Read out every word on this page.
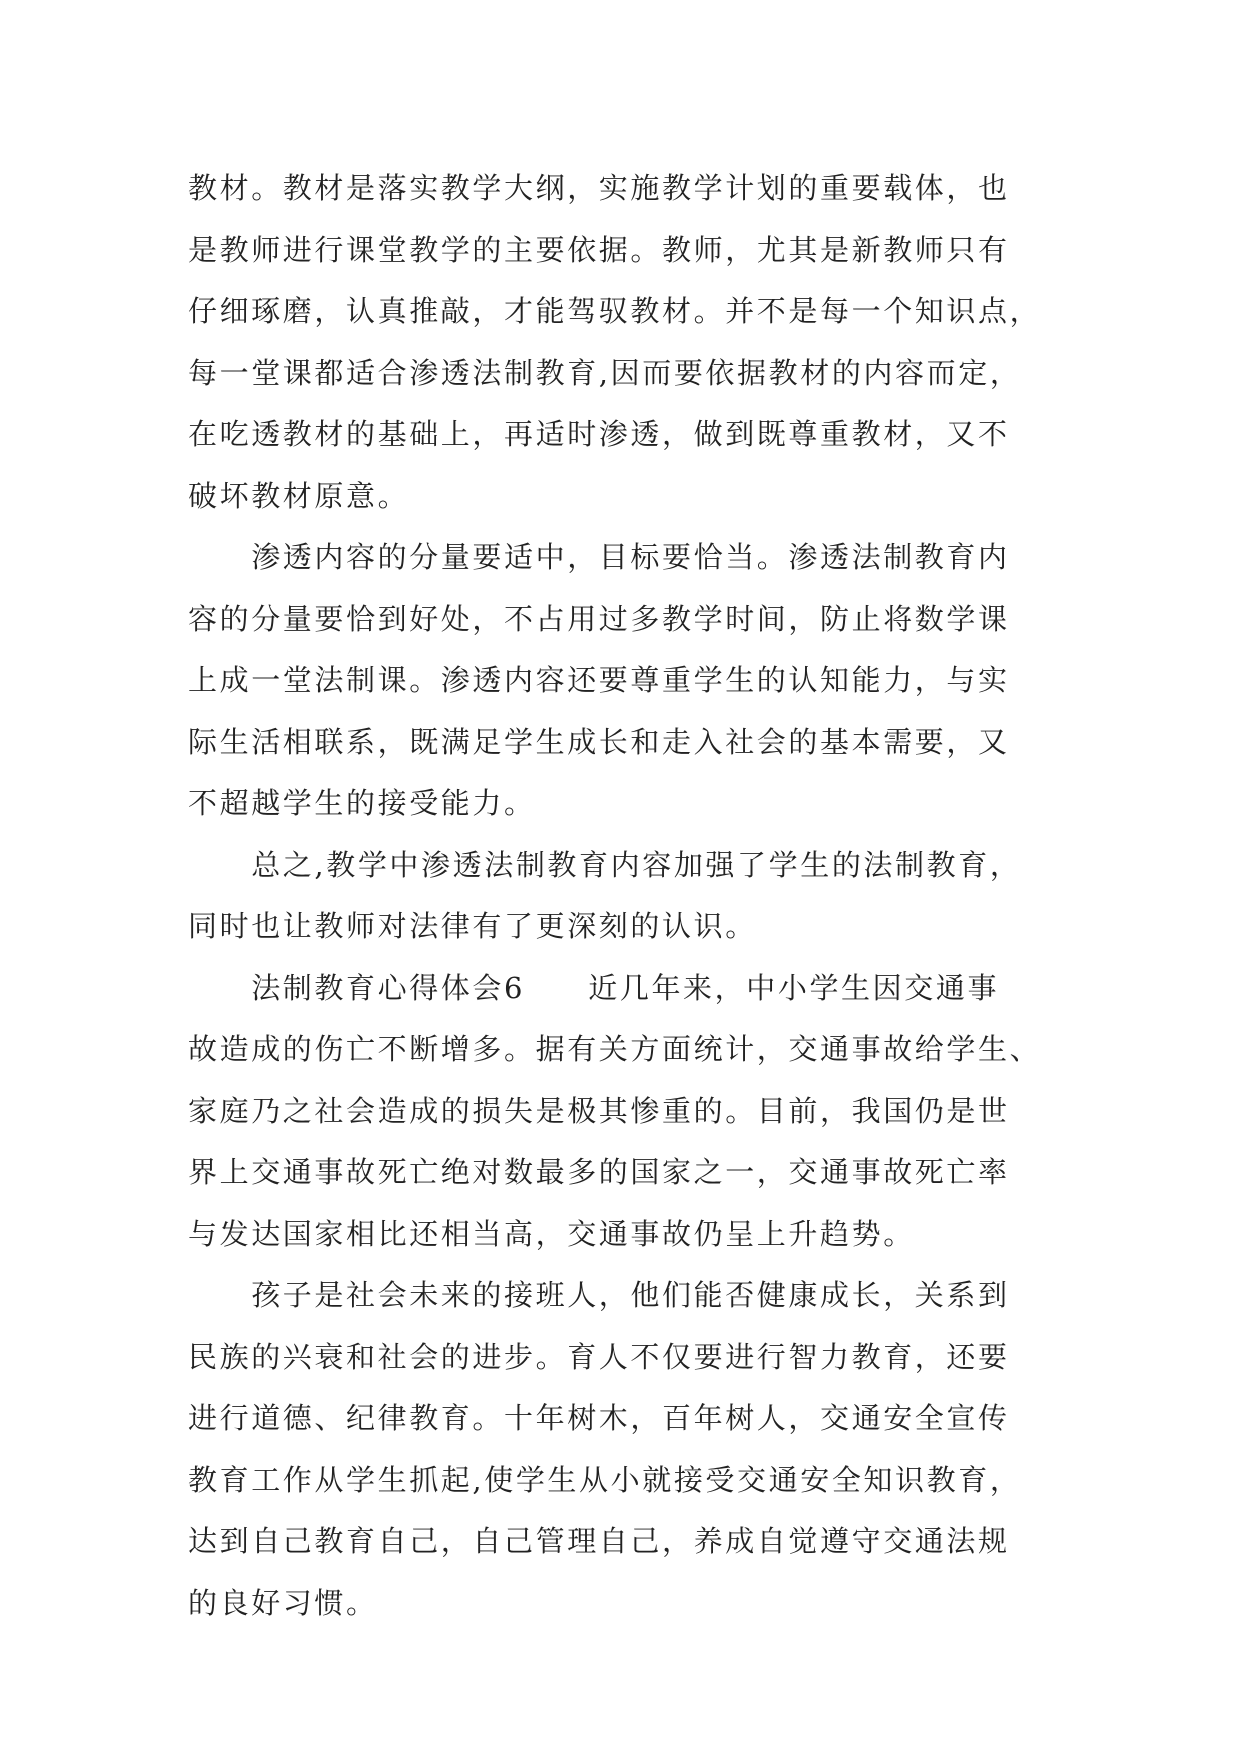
教材。教材是落实教学大纲，实施教学计划的重要载体，也
是教师进行课堂教学的主要依据。教师，尤其是新教师只有
仔细琢磨，认真推敲，才能驾驭教材。并不是每一个知识点，
每一堂课都适合渗透法制教育,因而要依据教材的内容而定，
在吃透教材的基础上，再适时渗透，做到既尊重教材，又不
破坏教材原意。
　　渗透内容的分量要适中，目标要恰当。渗透法制教育内
容的分量要恰到好处，不占用过多教学时间，防止将数学课
上成一堂法制课。渗透内容还要尊重学生的认知能力，与实
际生活相联系，既满足学生成长和走入社会的基本需要，又
不超越学生的接受能力。
　　总之,教学中渗透法制教育内容加强了学生的法制教育，
同时也让教师对法律有了更深刻的认识。
　　法制教育心得体会6　　近几年来，中小学生因交通事
故造成的伤亡不断增多。据有关方面统计，交通事故给学生、
家庭乃之社会造成的损失是极其惨重的。目前，我国仍是世
界上交通事故死亡绝对数最多的国家之一，交通事故死亡率
与发达国家相比还相当高，交通事故仍呈上升趋势。
　　孩子是社会未来的接班人，他们能否健康成长，关系到
民族的兴衰和社会的进步。育人不仅要进行智力教育，还要
进行道德、纪律教育。十年树木，百年树人，交通安全宣传
教育工作从学生抓起,使学生从小就接受交通安全知识教育，
达到自己教育自己，自己管理自己，养成自觉遵守交通法规
的良好习惯。
